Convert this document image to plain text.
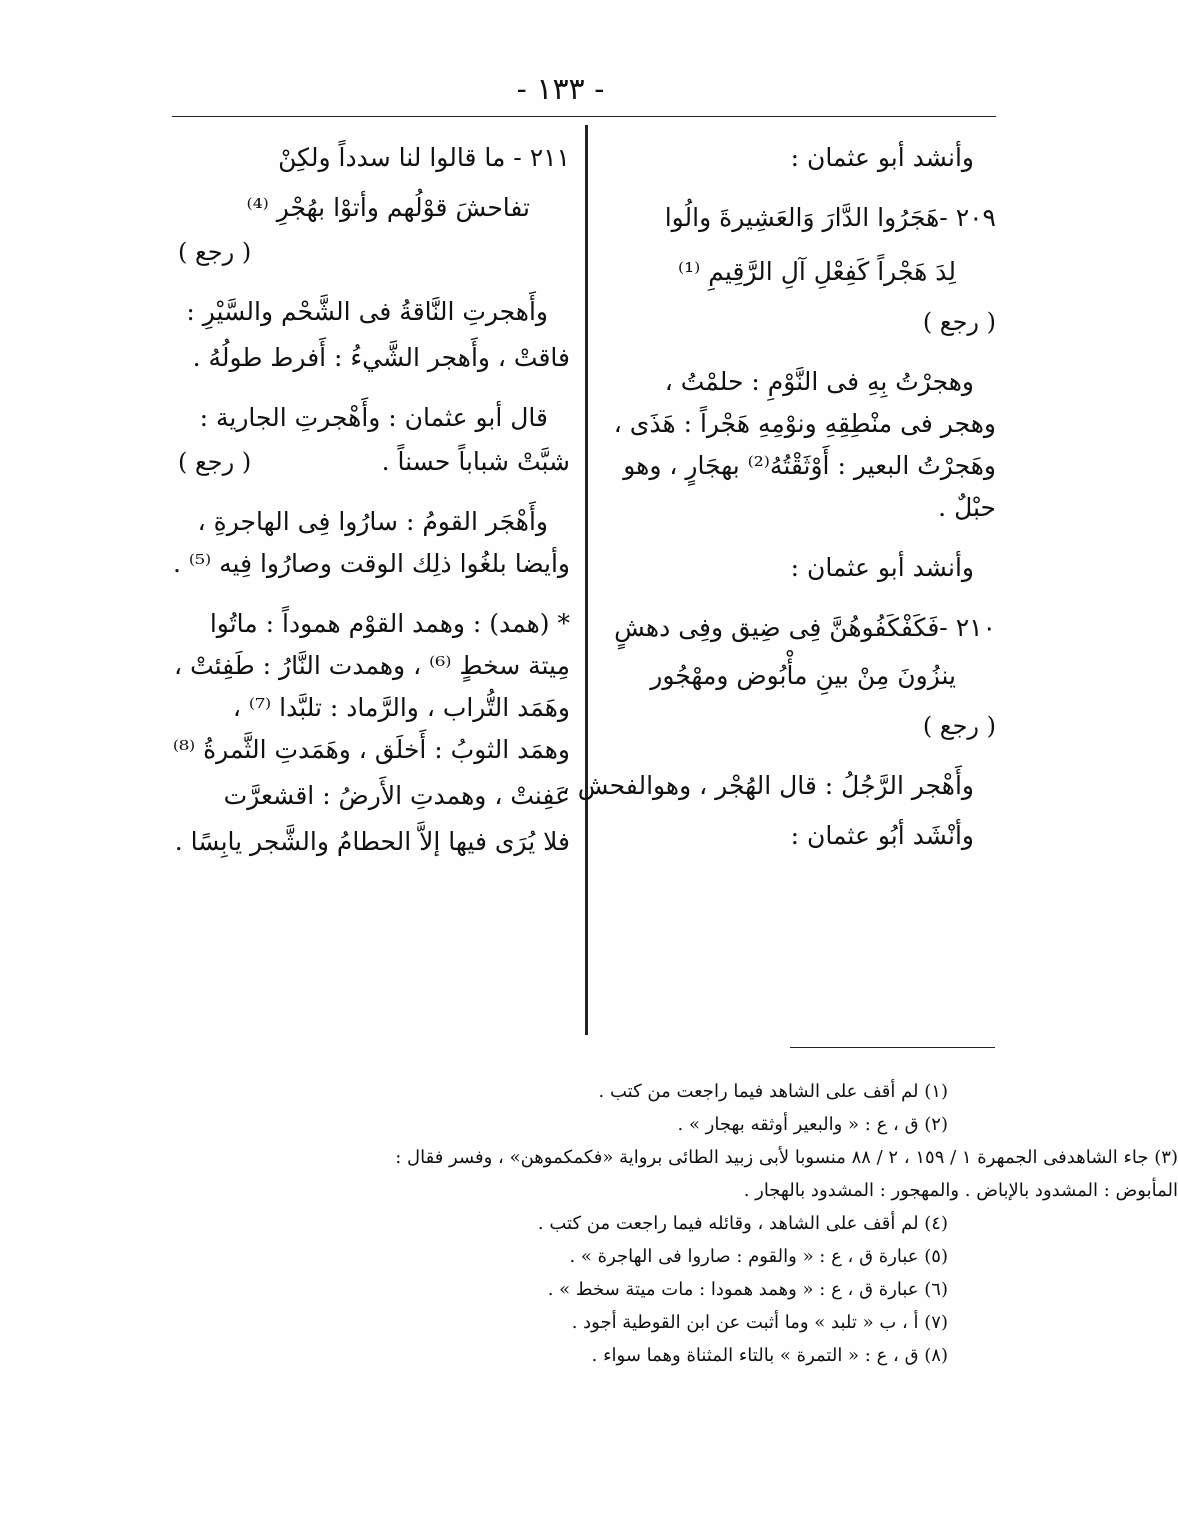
- ١٣٣ -
وأنشد أبو عثمان :
٢٠٩ -هَجَرُوا الدَّارَ وَالعَشِيرةَ والُوا
لِدَ هَجْراً كَفِعْلِ آلِ الرَّقِيمِ ⁽¹⁾
( رجع )
وهجرْتُ بِهِ فى النَّوْمِ : حلمْتُ ،
وهجر فى منْطِقِهِ ونوْمِهِ هَجْراً : هَذَى ،
وهَجرْتُ البعير : أَوْثَقْتُهُ⁽²⁾ بهجَارٍ ، وهو
حبْلٌ .
وأنشد أبو عثمان :
٢١٠ -فَكَفْكَفُوهُنَّ فِى ضِيق وفِى دهشٍ
ينزُونَ مِنْ بينِ مأْبُوض ومهْجُور
( رجع )
وأَهْجر الرَّجُلُ : قال الهُجْر ، وهوالفحش ،
وأنْشَد أبُو عثمان :
٢١١ - ما قالوا لنا سدداً ولكِنْ
تفاحشَ قوْلُهم وأتوْا بهُجْرِ ⁽⁴⁾
( رجع )
وأَهجرتِ النَّاقةُ فى الشَّحْم والسَّيْرِ :
فاقتْ ، وأَهجر الشَّيءُ : أَفرط طولُهُ .
قال أبو عثمان : وأَهْجرتِ الجارية :
شبَّتْ شباباً حسناً .
( رجع )
وأَهْجَر القومُ : سارُوا فِى الهاجرةِ ،
وأيضا بلغُوا ذلِك الوقت وصارُوا فِيه ⁽⁵⁾ .
* (همد) : وهمد القوْم هموداً : ماتُوا
مِيتة سخطٍ ⁽⁶⁾ ، وهمدت النَّارُ : طَفِئتْ ،
وهَمَد التُّراب ، والرَّماد : تلبَّدا ⁽⁷⁾ ،
وهمَد الثوبُ : أَخلَق ، وهَمَدتِ الثَّمرةُ ⁽⁸⁾
عَفِنتْ ، وهمدتِ الأَرضُ : اقشعرَّت
فلا يُرَى فيها إلاَّ الحطامُ والشَّجر يابِسًا .
(١) لم أقف على الشاهد فيما راجعت من كتب .
(٢) ق ، ع : « والبعير أوثقه بهجار » .
(٣) جاء الشاهدفى الجمهرة ١ / ١٥٩ ، ٢ / ٨٨ منسوبا لأبى زبيد الطائى برواية «فكمكموهن» ، وفسر فقال :
المأبوض : المشدود بالإباض . والمهجور : المشدود بالهجار .
(٤) لم أقف على الشاهد ، وقائله فيما راجعت من كتب .
(٥) عبارة ق ، ع : « والقوم : صاروا فى الهاجرة » .
(٦) عبارة ق ، ع : « وهمد همودا : مات ميتة سخط » .
(٧) أ ، ب « تلبد » وما أثبت عن ابن القوطية أجود .
(٨) ق ، ع : « التمرة » بالتاء المثناة وهما سواء .
